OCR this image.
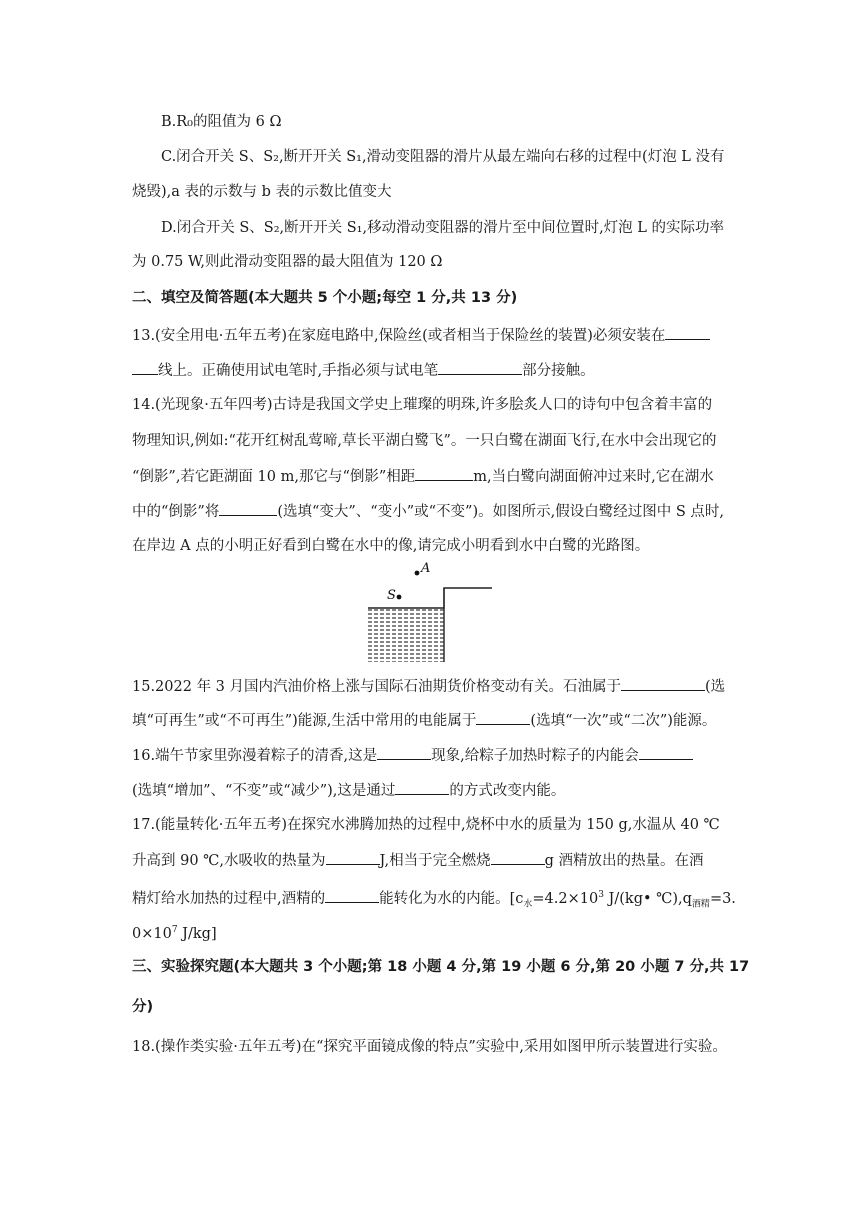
B.R₀的阻值为 6 Ω
C.闭合开关 S、S₂,断开开关 S₁,滑动变阻器的滑片从最左端向右移的过程中(灯泡 L 没有
烧毁),a 表的示数与 b 表的示数比值变大
D.闭合开关 S、S₂,断开开关 S₁,移动滑动变阻器的滑片至中间位置时,灯泡 L 的实际功率
为 0.75 W,则此滑动变阻器的最大阻值为 120 Ω
二、填空及简答题(本大题共 5 个小题;每空 1 分,共 13 分)
13.(安全用电·五年五考)在家庭电路中,保险丝(或者相当于保险丝的装置)必须安装在
线上。正确使用试电笔时,手指必须与试电笔	部分接触。
14.(光现象·五年四考)古诗是我国文学史上璀璨的明珠,许多脍炙人口的诗句中包含着丰富的
物理知识,例如:“花开红树乱莺啼,草长平湖白鹭飞”。一只白鹭在湖面飞行,在水中会出现它的
“倒影”,若它距湖面 10 m,那它与“倒影”相距	m,当白鹭向湖面俯冲过来时,它在湖水
中的“倒影”将	(选填“变大”、“变小”或“不变”)。如图所示,假设白鹭经过图中 S 点时,
在岸边 A 点的小明正好看到白鹭在水中的像,请完成小明看到水中白鹭的光路图。
S
A
15.2022 年 3 月国内汽油价格上涨与国际石油期货价格变动有关。石油属于	(选
填“可再生”或“不可再生”)能源,生活中常用的电能属于	(选填“一次”或“二次”)能源。
16.端午节家里弥漫着粽子的清香,这是	现象,给粽子加热时粽子的内能会
(选填“增加”、“不变”或“减少”),这是通过	的方式改变内能。
17.(能量转化·五年五考)在探究水沸腾加热的过程中,烧杯中水的质量为 150 g,水温从 40 ℃
升高到 90 ℃,水吸收的热量为	J,相当于完全燃烧	g 酒精放出的热量。在酒
精灯给水加热的过程中,酒精的	能转化为水的内能。[$c_水=4.2\times 10^3$ J/(kg• $℃),q_{酒精}=3$.
$0\times 10^7$ J/kg]
三、实验探究题(本大题共 3 个小题;第 18 小题 4 分,第 19 小题 6 分,第 20 小题 7 分,共 17
分)
18.(操作类实验·五年五考)在“探究平面镜成像的特点”实验中,采用如图甲所示装置进行实验。
